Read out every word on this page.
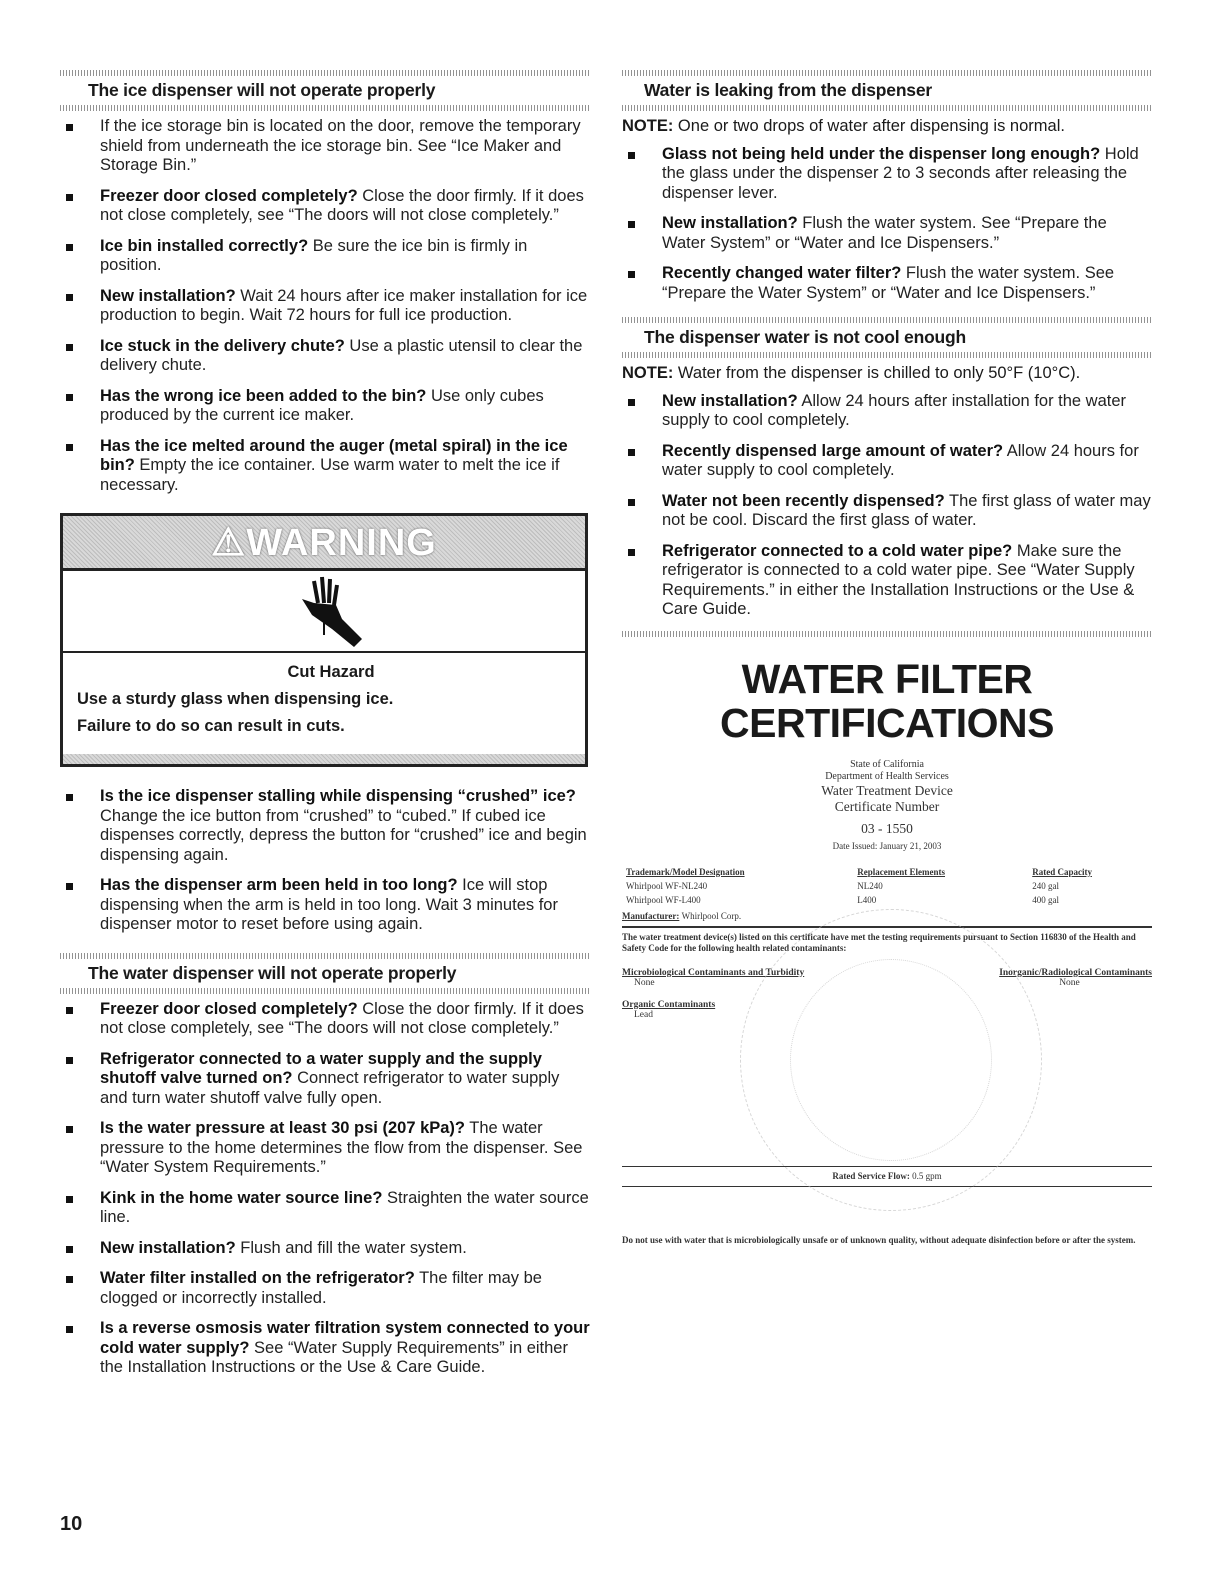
The ice dispenser will not operate properly
If the ice storage bin is located on the door, remove the temporary shield from underneath the ice storage bin. See “Ice Maker and Storage Bin.”
Freezer door closed completely? Close the door firmly. If it does not close completely, see “The doors will not close completely.”
Ice bin installed correctly? Be sure the ice bin is firmly in position.
New installation? Wait 24 hours after ice maker installation for ice production to begin. Wait 72 hours for full ice production.
Ice stuck in the delivery chute? Use a plastic utensil to clear the delivery chute.
Has the wrong ice been added to the bin? Use only cubes produced by the current ice maker.
Has the ice melted around the auger (metal spiral) in the ice bin? Empty the ice container. Use warm water to melt the ice if necessary.
⚠WARNING
Cut Hazard

Use a sturdy glass when dispensing ice.

Failure to do so can result in cuts.

Is the ice dispenser stalling while dispensing “crushed” ice? Change the ice button from “crushed” to “cubed.” If cubed ice dispenses correctly, depress the button for “crushed” ice and begin dispensing again.
Has the dispenser arm been held in too long? Ice will stop dispensing when the arm is held in too long. Wait 3 minutes for dispenser motor to reset before using again.
The water dispenser will not operate properly
Freezer door closed completely? Close the door firmly. If it does not close completely, see “The doors will not close completely.”
Refrigerator connected to a water supply and the supply shutoff valve turned on? Connect refrigerator to water supply and turn water shutoff valve fully open.
Is the water pressure at least 30 psi (207 kPa)? The water pressure to the home determines the flow from the dispenser. See “Water System Requirements.”
Kink in the home water source line? Straighten the water source line.
New installation? Flush and fill the water system.
Water filter installed on the refrigerator? The filter may be clogged or incorrectly installed.
Is a reverse osmosis water filtration system connected to your cold water supply? See “Water Supply Requirements” in either the Installation Instructions or the Use & Care Guide.
Water is leaking from the dispenser

NOTE: One or two drops of water after dispensing is normal.

Glass not being held under the dispenser long enough? Hold the glass under the dispenser 2 to 3 seconds after releasing the dispenser lever.
New installation? Flush the water system. See “Prepare the Water System” or “Water and Ice Dispensers.”
Recently changed water filter? Flush the water system. See “Prepare the Water System” or “Water and Ice Dispensers.”
The dispenser water is not cool enough

NOTE: Water from the dispenser is chilled to only 50°F (10°C).

New installation? Allow 24 hours after installation for the water supply to cool completely.
Recently dispensed large amount of water? Allow 24 hours for water supply to cool completely.
Water not been recently dispensed? The first glass of water may not be cool. Discard the first glass of water.
Refrigerator connected to a cold water pipe? Make sure the refrigerator is connected to a cold water pipe. See “Water Supply Requirements.” in either the Installation Instructions or the Use & Care Guide.
WATER FILTER
CERTIFICATIONS
State of California
Department of Health Services
Water Treatment Device
Certificate Number
03 - 1550
Date Issued: January 21, 2003
Trademark/Model Designation	Replacement Elements	Rated Capacity
Whirlpool WF-NL240	NL240	240 gal
Whirlpool WF-L400	L400	400 gal
Manufacturer: Whirlpool Corp.
The water treatment device(s) listed on this certificate have met the testing requirements pursuant to Section 116830 of the Health and Safety Code for the following health related contaminants:
Microbiological Contaminants and Turbidity
None
Organic Contaminants
Lead
Inorganic/Radiological Contaminants
None
Rated Service Flow: 0.5 gpm
Do not use with water that is microbiologically unsafe or of unknown quality, without adequate disinfection before or after the system.
10
